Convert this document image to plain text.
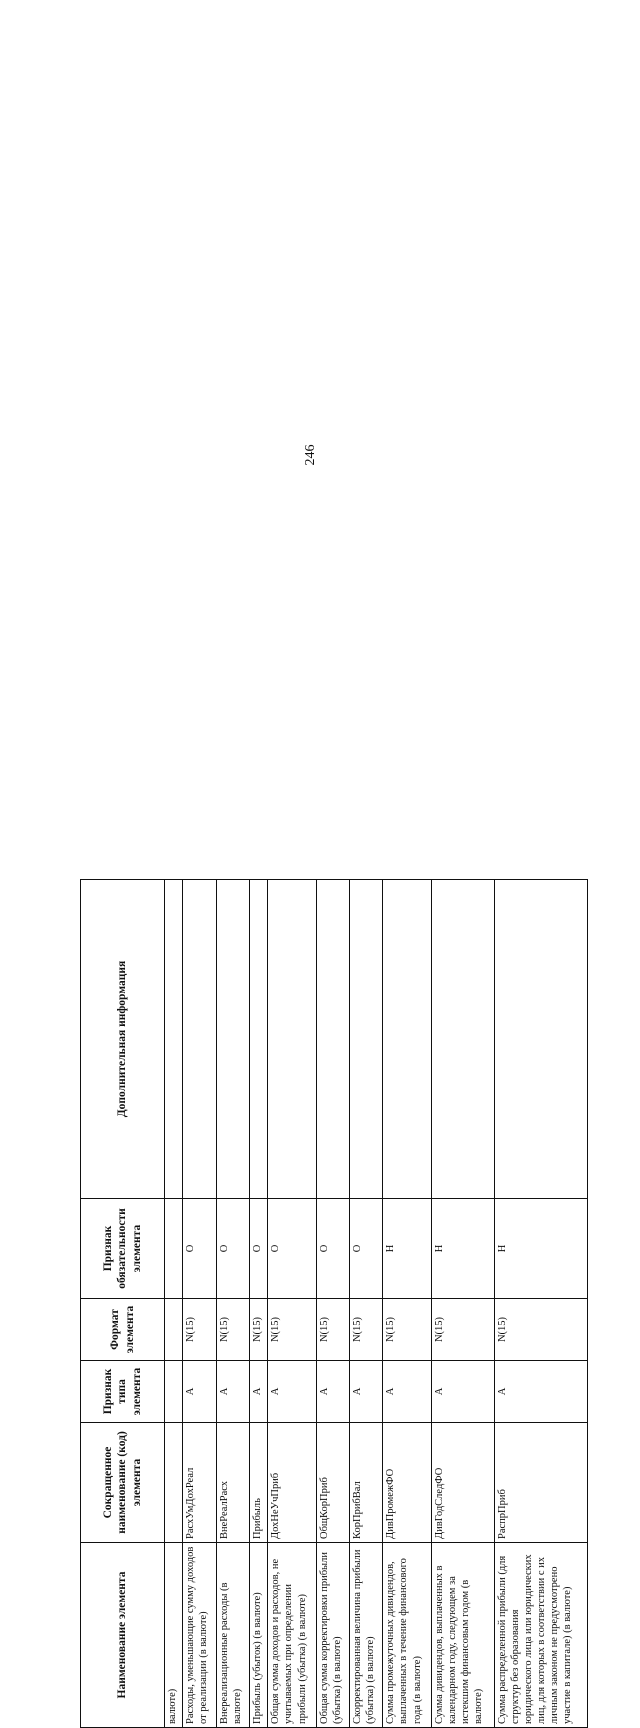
246
Наименование элемента	Сокращенное наименование (код) элемента	Признак типа элемента	Формат элемента	Признак обязательности элемента	Дополнительная информация
валюте)					
Расходы, уменьшающие сумму доходов от реализации (в валюте)	РасхУмДохРеал	А	N(15)	О	
Внереализационные расходы (в валюте)	ВнеРеалРасх	А	N(15)	О	
Прибыль (убыток) (в валюте)	Прибыль	А	N(15)	О	
Общая сумма доходов и расходов, не учитываемых при определении прибыли (убытка) (в валюте)	ДохНеУчПриб	А	N(15)	О	
Общая сумма корректировки прибыли (убытка) (в валюте)	ОбщКорПриб	А	N(15)	О	
Скорректированная величина прибыли (убытка) (в валюте)	КорПрибВал	А	N(15)	О	
Сумма промежуточных дивидендов, выплаченных в течение финансового года (в валюте)	ДивПромежФО	А	N(15)	Н	
Сумма дивидендов, выплаченных в календарном году, следующем за истекшим финансовым годом (в валюте)	ДивГодСледФО	А	N(15)	Н	
Сумма распределенной прибыли (для структур без образования юридического лица или юридических лиц, для которых в соответствии с их личным законом не предусмотрено участие в капитале) (в валюте)	РаспрПриб	А	N(15)	Н	
